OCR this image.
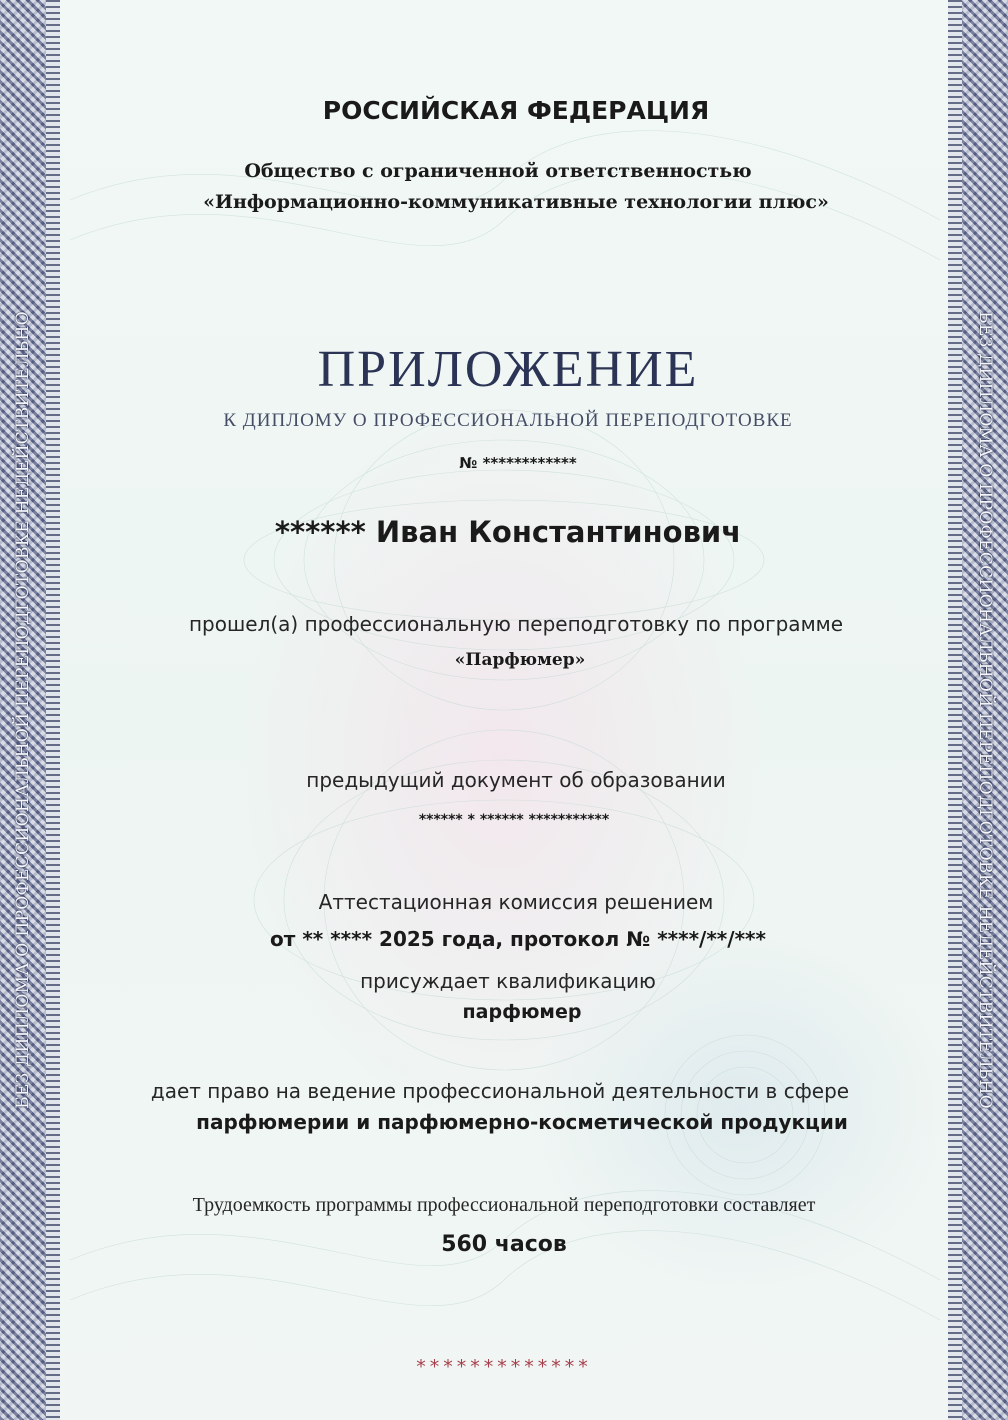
БЕЗ ДИПЛОМА О ПРОФЕССИОНАЛЬНОЙ ПЕРЕПОДГОТОВКЕ НЕДЕЙСТВИТЕЛЬНО	БЕЗ ДИПЛОМА О ПРОФЕССИОНАЛЬНОЙ ПЕРЕПОДГОТОВКЕ НЕДЕЙСТВИТЕЛЬНО
РОССИЙСКАЯ ФЕДЕРАЦИЯ
Общество с ограниченной ответственностью
«Информационно-коммуникативные технологии плюс»
ПРИЛОЖЕНИЕ
К ДИПЛОМУ О ПРОФЕССИОНАЛЬНОЙ ПЕРЕПОДГОТОВКЕ
№ ************
****** Иван Константинович
прошел(а) профессиональную переподготовку по программе
«Парфюмер»
предыдущий документ об образовании
****** * ****** ***********
Аттестационная комиссия решением
от ** **** 2025 года, протокол № ****/**/***
присуждает квалификацию
парфюмер
дает право на ведение профессиональной деятельности в сфере
парфюмерии и парфюмерно-косметической продукции
Трудоемкость программы профессиональной переподготовки составляет
560 часов
*************
